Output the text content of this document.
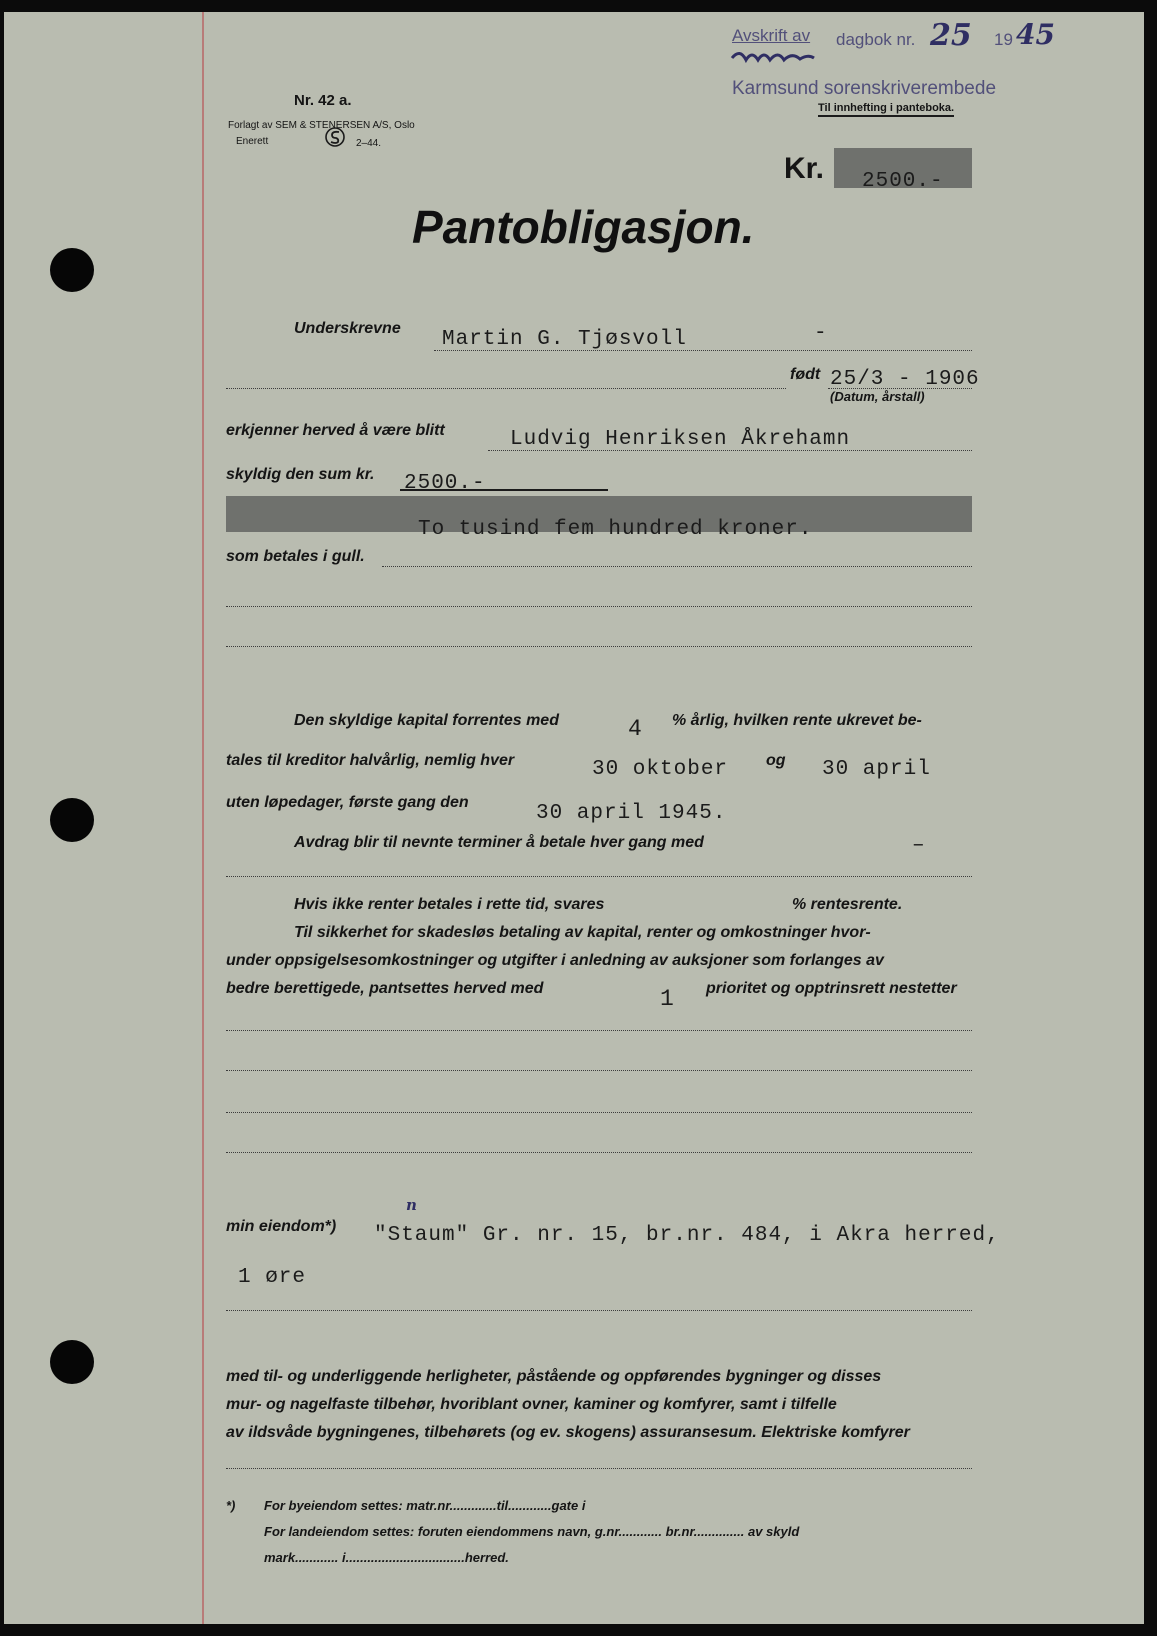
Avskrift av dagbok nr. 25 19 45
Karmsund sorenskriverembede
Til innhefting i panteboka.
Nr. 42 a.
Forlagt av SEM & STENERSEN A/S, Oslo
Enerett	2–44.
Kr. 2500.-
Pantobligasjon.
Underskrevne Martin G. Tjøsvoll	-
født 25/3 - 1906
(Datum, årstall)
erkjenner herved å være blitt	Ludvig Henriksen Åkrehamn
skyldig den sum kr. 2500.-
To tusind fem hundred kroner.
som betales i gull.
Den skyldige kapital forrentes med	4 % årlig, hvilken rente ukrevet be-
tales til kreditor halvårlig, nemlig hver	30 oktober og 30 april
uten løpedager, første gang den	30 april 1945.
Avdrag blir til nevnte terminer å betale hver gang med	–
Hvis ikke renter betales i rette tid, svares	% rentesrente.
Til sikkerhet for skadesløs betaling av kapital, renter og omkostninger hvor-
under oppsigelsesomkostninger og utgifter i anledning av auksjoner som forlanges av
bedre berettigede, pantsettes herved med	1 prioritet og opptrinsrett nestetter
min eiendom*)
n
"Staum" Gr. nr. 15, br.nr. 484, i Akra herred,
1 øre
med til- og underliggende herligheter, påstående og oppførendes bygninger og disses
mur- og nagelfaste tilbehør, hvoriblant ovner, kaminer og komfyrer, samt i tilfelle
av ildsvåde bygningenes, tilbehørets (og ev. skogens) assuransesum. Elektriske komfyrer
*) For byeiendom settes: matr.nr.............til............gate i
For landeiendom settes: foruten eiendommens navn, g.nr............ br.nr.............. av skyld
mark............ i.................................herred.
